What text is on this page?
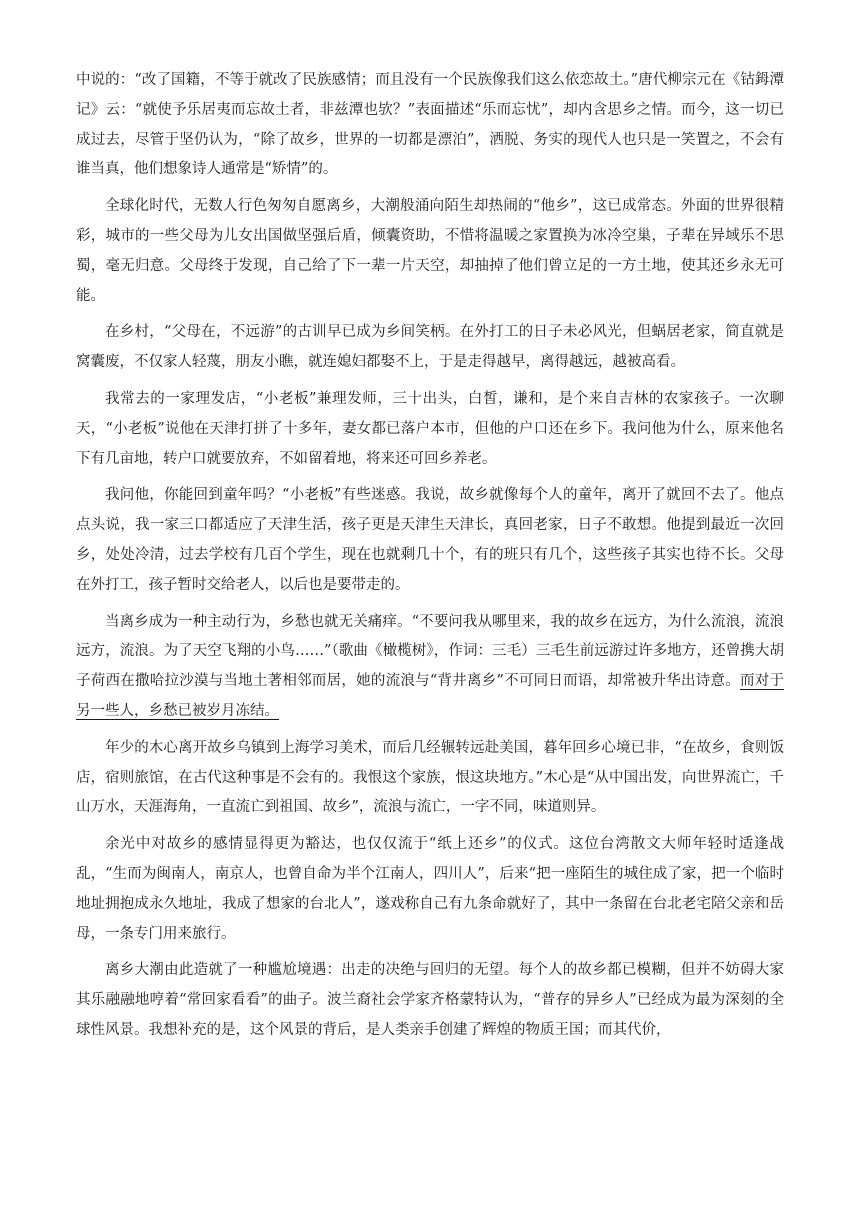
中说的：“改了国籍，不等于就改了民族感情；而且没有一个民族像我们这么依恋故土。”唐代柳宗元在《钴鉧潭记》云：“就使予乐居夷而忘故土者，非兹潭也欤？”表面描述“乐而忘忧”，却内含思乡之情。而今，这一切已成过去，尽管于坚仍认为，“除了故乡，世界的一切都是漂泊”，洒脱、务实的现代人也只是一笑置之，不会有谁当真，他们想象诗人通常是“矫情”的。

全球化时代，无数人行色匆匆自愿离乡，大潮般涌向陌生却热闹的“他乡”，这已成常态。外面的世界很精彩，城市的一些父母为儿女出国做坚强后盾，倾囊资助，不惜将温暖之家置换为冰冷空巢，子辈在异域乐不思蜀，毫无归意。父母终于发现，自己给了下一辈一片天空，却抽掉了他们曾立足的一方土地，使其还乡永无可能。

在乡村，“父母在，不远游”的古训早已成为乡间笑柄。在外打工的日子未必风光，但蜗居老家，简直就是窝囊废，不仅家人轻蔑，朋友小瞧，就连媳妇都娶不上，于是走得越早，离得越远，越被高看。

我常去的一家理发店，“小老板”兼理发师，三十出头，白皙，谦和，是个来自吉林的农家孩子。一次聊天，“小老板”说他在天津打拼了十多年，妻女都已落户本市，但他的户口还在乡下。我问他为什么，原来他名下有几亩地，转户口就要放弃，不如留着地，将来还可回乡养老。

我问他，你能回到童年吗？“小老板”有些迷惑。我说，故乡就像每个人的童年，离开了就回不去了。他点点头说，我一家三口都适应了天津生活，孩子更是天津生天津长，真回老家，日子不敢想。他提到最近一次回乡，处处冷清，过去学校有几百个学生，现在也就剩几十个，有的班只有几个，这些孩子其实也待不长。父母在外打工，孩子暂时交给老人，以后也是要带走的。

当离乡成为一种主动行为，乡愁也就无关痛痒。“不要问我从哪里来，我的故乡在远方，为什么流浪，流浪远方，流浪。为了天空飞翔的小鸟……”（歌曲《橄榄树》，作词：三毛）三毛生前远游过许多地方，还曾携大胡子荷西在撒哈拉沙漠与当地土著相邻而居，她的流浪与“背井离乡”不可同日而语，却常被升华出诗意。而对于另一些人，乡愁已被岁月冻结。

年少的木心离开故乡乌镇到上海学习美术，而后几经辗转远赴美国，暮年回乡心境已非，“在故乡，食则饭店，宿则旅馆，在古代这种事是不会有的。我恨这个家族，恨这块地方。”木心是“从中国出发，向世界流亡，千山万水，天涯海角，一直流亡到祖国、故乡”，流浪与流亡，一字不同，味道则异。

余光中对故乡的感情显得更为豁达，也仅仅流于“纸上还乡”的仪式。这位台湾散文大师年轻时适逢战乱，“生而为闽南人，南京人，也曾自命为半个江南人，四川人”，后来“把一座陌生的城住成了家，把一个临时地址拥抱成永久地址，我成了想家的台北人”，遂戏称自己有九条命就好了，其中一条留在台北老宅陪父亲和岳母，一条专门用来旅行。

离乡大潮由此造就了一种尴尬境遇：出走的决绝与回归的无望。每个人的故乡都已模糊，但并不妨碍大家其乐融融地哼着“常回家看看”的曲子。波兰裔社会学家齐格蒙特认为，“普存的异乡人”已经成为最为深刻的全球性风景。我想补充的是，这个风景的背后，是人类亲手创建了辉煌的物质王国；而其代价，
